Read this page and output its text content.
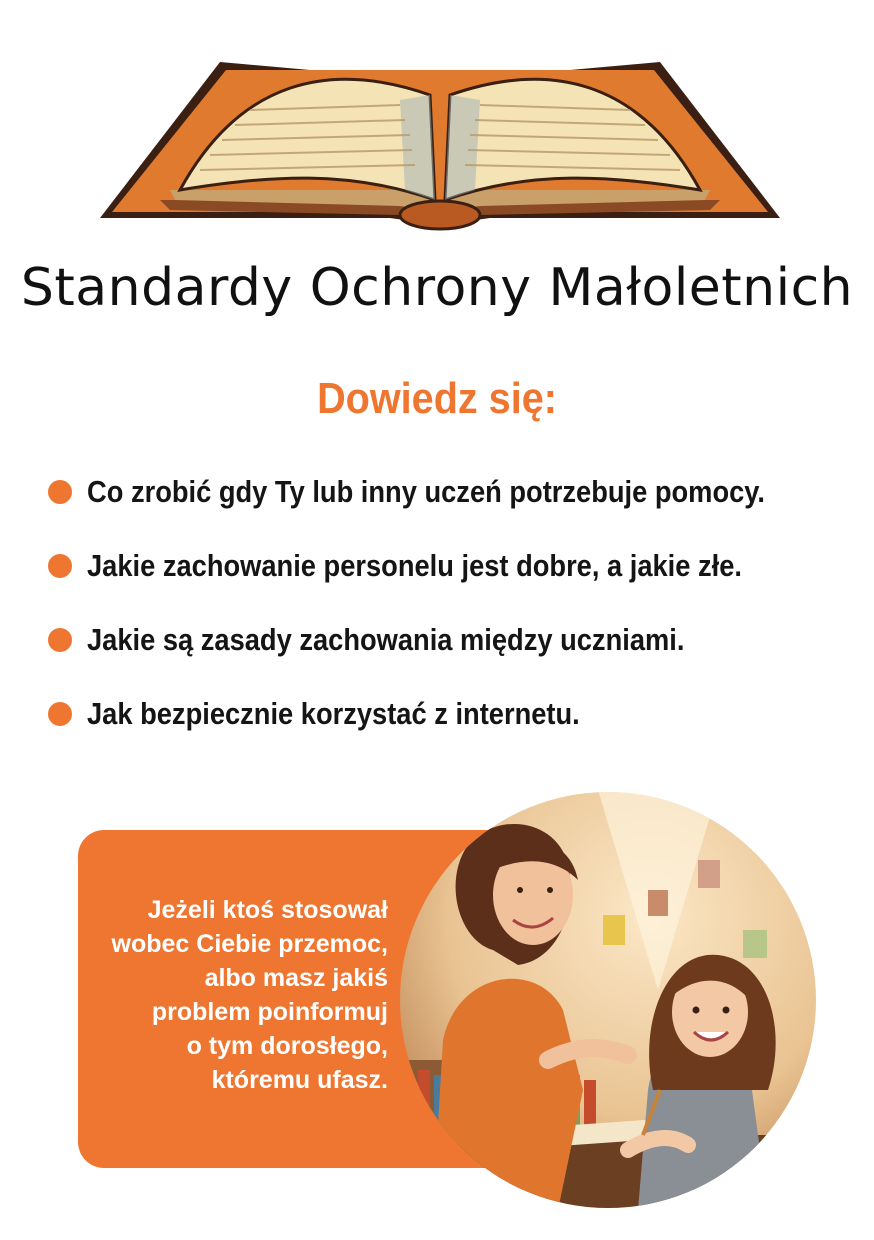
Standardy Ochrony Małoletnich
Dowiedz się:
Co zrobić gdy Ty lub inny uczeń potrzebuje pomocy.
Jakie zachowanie personelu jest dobre, a jakie złe.
Jakie są zasady zachowania między uczniami.
Jak bezpiecznie korzystać z internetu.
Jeżeli ktoś stosował
wobec Ciebie przemoc,
albo masz jakiś
problem poinformuj
o tym dorosłego,
któremu ufasz.
